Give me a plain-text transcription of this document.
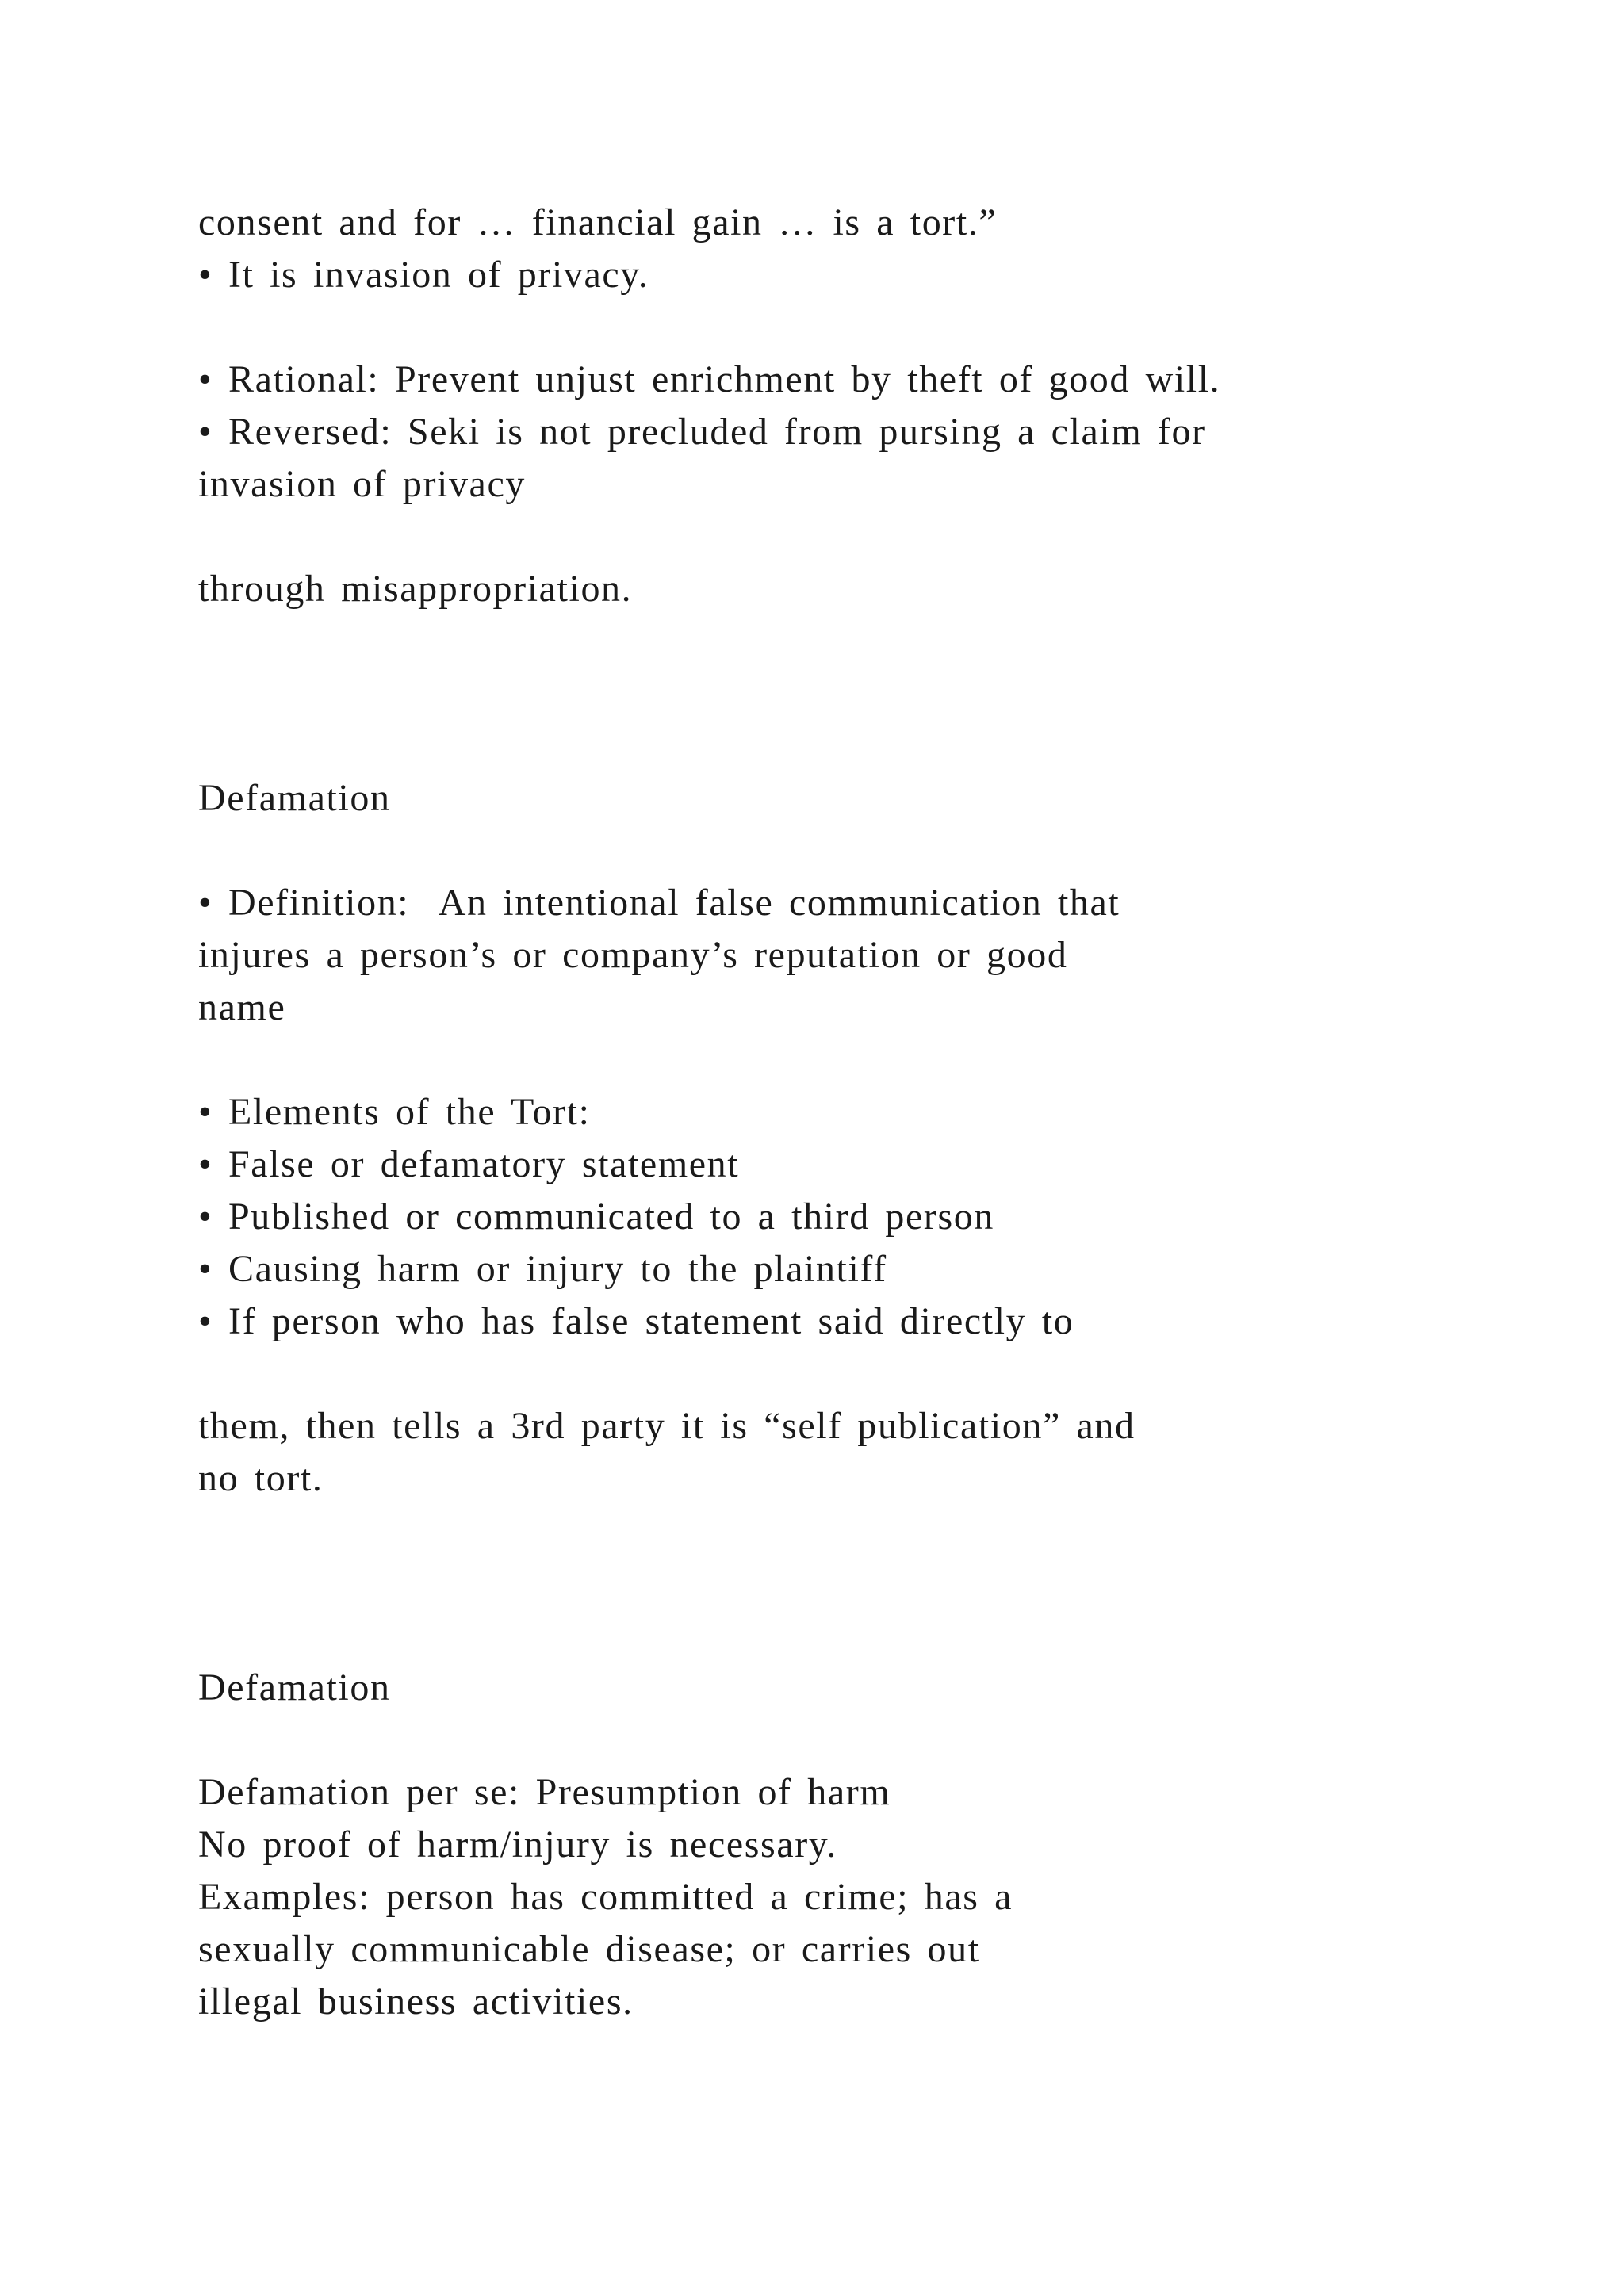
consent and for … financial gain … is a tort.”
• It is invasion of privacy.
• Rational: Prevent unjust enrichment by theft of good will.
• Reversed: Seki is not precluded from pursing a claim for
invasion of privacy
through misappropriation.
Defamation
• Definition:  An intentional false communication that
injures a person’s or company’s reputation or good
name
• Elements of the Tort:
• False or defamatory statement
• Published or communicated to a third person
• Causing harm or injury to the plaintiff
• If person who has false statement said directly to
them, then tells a 3rd party it is “self publication” and
no tort.
Defamation
Defamation per se: Presumption of harm
No proof of harm/injury is necessary.
Examples: person has committed a crime; has a
sexually communicable disease; or carries out
illegal business activities.
